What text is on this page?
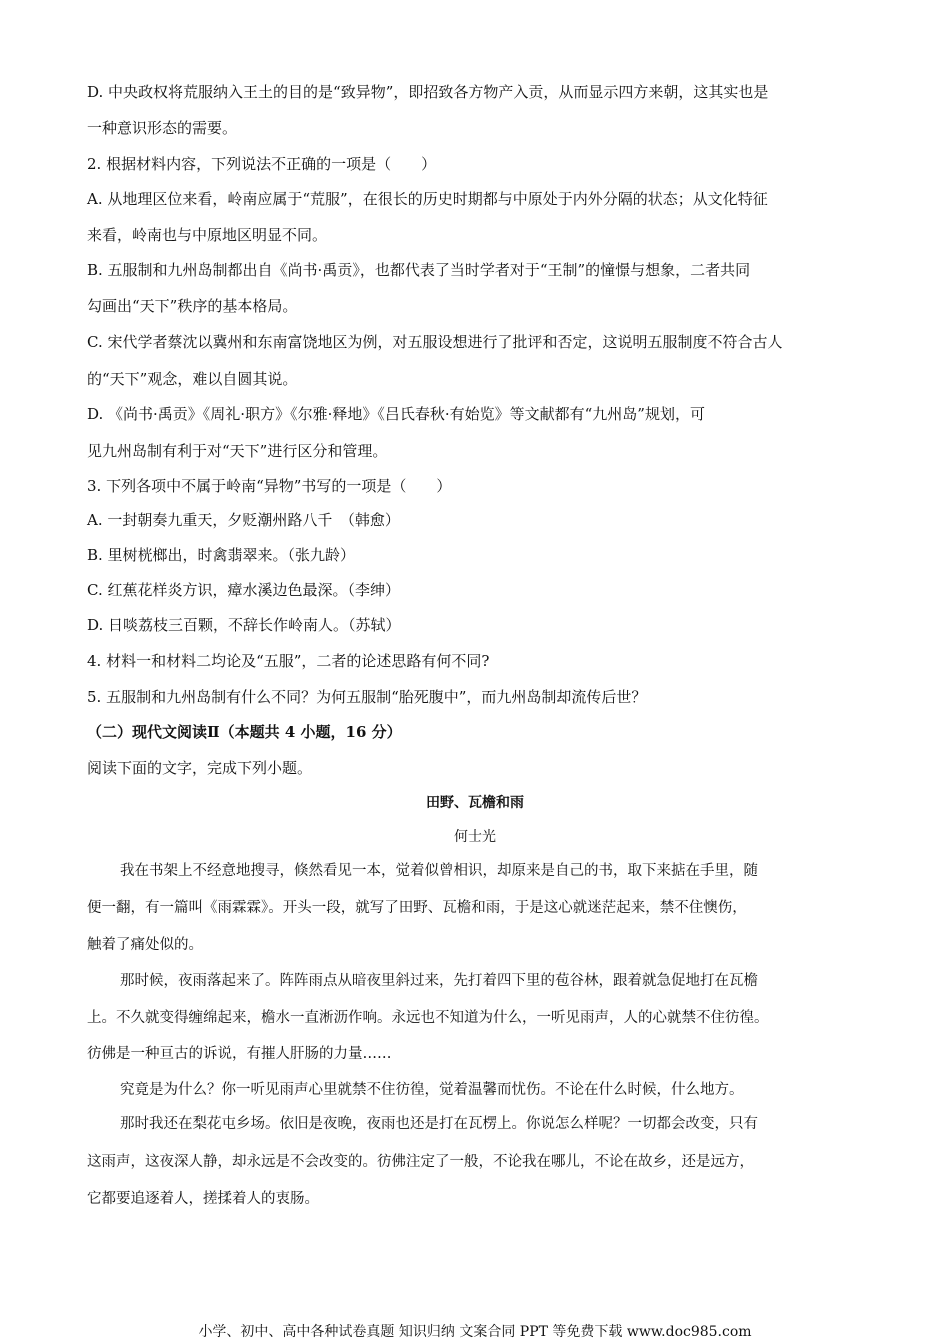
D. 中央政权将荒服纳入王土的目的是“致异物”，即招致各方物产入贡，从而显示四方来朝，这其实也是
一种意识形态的需要。
2. 根据材料内容，下列说法不正确的一项是（　　）
A. 从地理区位来看，岭南应属于“荒服”，在很长的历史时期都与中原处于内外分隔的状态；从文化特征
来看，岭南也与中原地区明显不同。
B. 五服制和九州岛制都出自《尚书·禹贡》，也都代表了当时学者对于“王制”的憧憬与想象，二者共同
勾画出“天下”秩序的基本格局。
C. 宋代学者蔡沈以冀州和东南富饶地区为例，对五服设想进行了批评和否定，这说明五服制度不符合古人
的“天下”观念，难以自圆其说。
D. 《尚书·禹贡》《周礼·职方》《尔雅·释地》《吕氏春秋·有始览》等文献都有“九州岛”规划，可
见九州岛制有利于对“天下”进行区分和管理。
3. 下列各项中不属于岭南“异物”书写的一项是（　　）
A. 一封朝奏九重天，夕贬潮州路八千　（韩愈）
B. 里树桄榔出，时禽翡翠来。（张九龄）
C. 红蕉花样炎方识，瘴水溪边色最深。（李绅）
D. 日啖荔枝三百颗，不辞长作岭南人。（苏轼）
4. 材料一和材料二均论及“五服”，二者的论述思路有何不同?
5. 五服制和九州岛制有什么不同？为何五服制“胎死腹中”，而九州岛制却流传后世？
（二）现代文阅读Ⅱ（本题共 4 小题，16 分）
阅读下面的文字，完成下列小题。
田野、瓦檐和雨
何士光
我在书架上不经意地搜寻，倏然看见一本，觉着似曾相识，却原来是自己的书，取下来掂在手里，随
便一翻，有一篇叫《雨霖霖》。开头一段，就写了田野、瓦檐和雨，于是这心就迷茫起来，禁不住懊伤，
触着了痛处似的。
那时候，夜雨落起来了。阵阵雨点从暗夜里斜过来，先打着四下里的苞谷林，跟着就急促地打在瓦檐
上。不久就变得缠绵起来，檐水一直淅沥作响。永远也不知道为什么，一听见雨声，人的心就禁不住彷徨。
彷佛是一种亘古的诉说，有摧人肝肠的力量……
究竟是为什么？你一听见雨声心里就禁不住彷徨，觉着温馨而忧伤。不论在什么时候，什么地方。
那时我还在梨花屯乡场。依旧是夜晚，夜雨也还是打在瓦楞上。你说怎么样呢？一切都会改变，只有
这雨声，这夜深人静，却永远是不会改变的。彷佛注定了一般，不论我在哪儿，不论在故乡，还是远方，
它都要追逐着人，搓揉着人的衷肠。
小学、初中、高中各种试卷真题 知识归纳 文案合同 PPT 等免费下载 www.doc985.com
